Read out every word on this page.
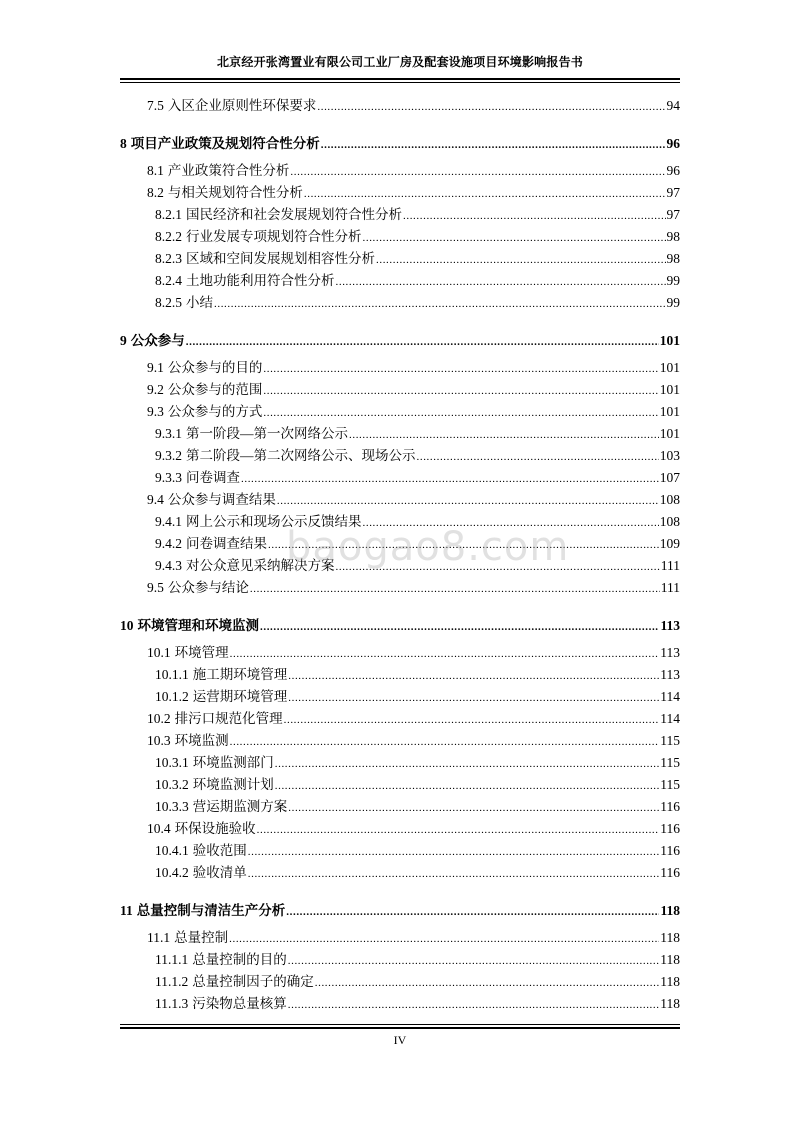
北京经开张湾置业有限公司工业厂房及配套设施项目环境影响报告书
7.5 入区企业原则性环保要求 .....	94
8 项目产业政策及规划符合性分析 .....	96
8.1 产业政策符合性分析 .....	96
8.2 与相关规划符合性分析 .....	97
8.2.1 国民经济和社会发展规划符合性分析 .....	97
8.2.2 行业发展专项规划符合性分析 .....	98
8.2.3 区域和空间发展规划相容性分析 .....	98
8.2.4 土地功能利用符合性分析 .....	99
8.2.5 小结 .....	99
9 公众参与 .....	101
9.1 公众参与的目的 .....	101
9.2 公众参与的范围 .....	101
9.3 公众参与的方式 .....	101
9.3.1 第一阶段—第一次网络公示 .....	101
9.3.2 第二阶段—第二次网络公示、现场公示 .....	103
9.3.3 问卷调查 .....	107
9.4 公众参与调查结果 .....	108
9.4.1 网上公示和现场公示反馈结果 .....	108
9.4.2 问卷调查结果 .....	109
9.4.3 对公众意见采纳解决方案 .....	111
9.5 公众参与结论 .....	111
10 环境管理和环境监测 .....	113
10.1 环境管理 .....	113
10.1.1 施工期环境管理 .....	113
10.1.2 运营期环境管理 .....	114
10.2 排污口规范化管理 .....	114
10.3 环境监测 .....	115
10.3.1 环境监测部门 .....	115
10.3.2 环境监测计划 .....	115
10.3.3 营运期监测方案 .....	116
10.4 环保设施验收 .....	116
10.4.1 验收范围 .....	116
10.4.2 验收清单 .....	116
11 总量控制与清洁生产分析 .....	118
11.1 总量控制 .....	118
11.1.1 总量控制的目的 .....	118
11.1.2 总量控制因子的确定 .....	118
11.1.3 污染物总量核算 .....	118
baogao8.com
IV
